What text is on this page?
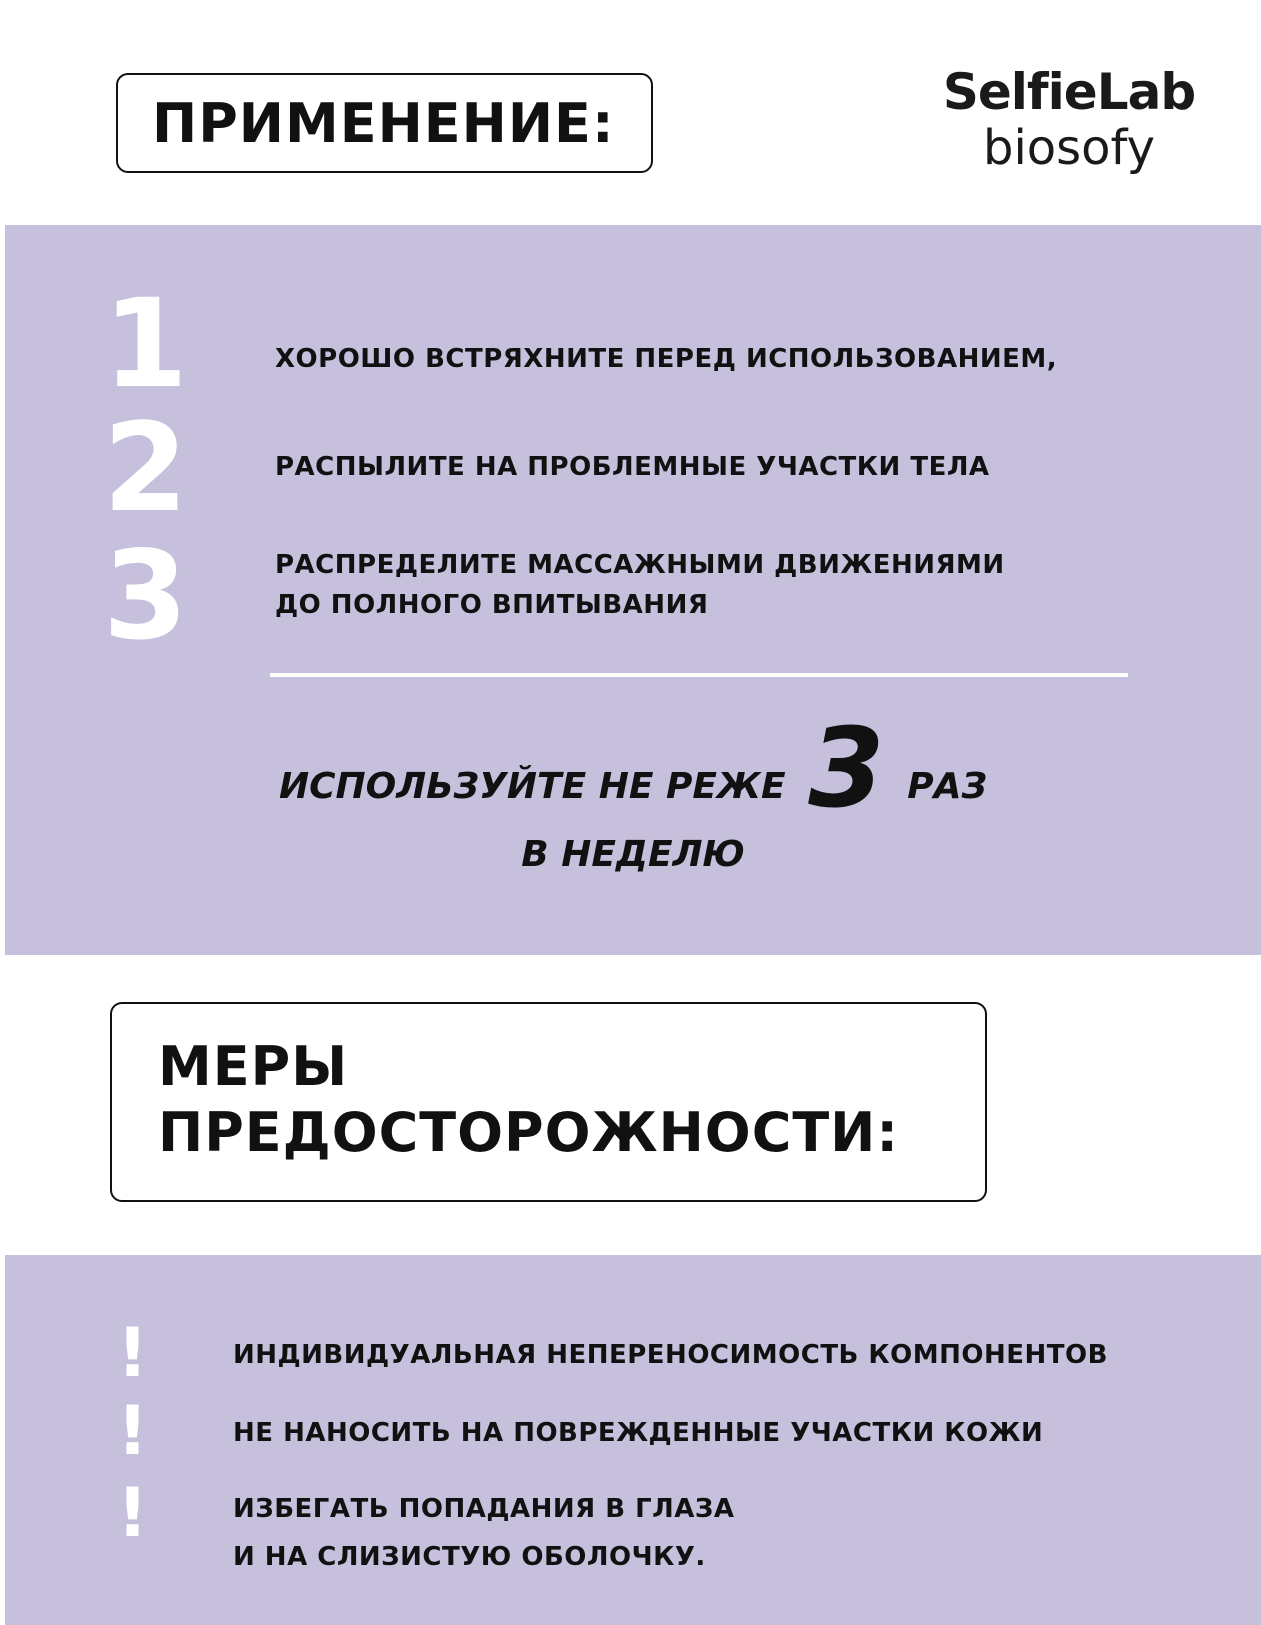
ПРИМЕНЕНИЕ:	SelfieLab
biosofy
1	ХОРОШО ВСТРЯХНИТЕ ПЕРЕД ИСПОЛЬЗОВАНИЕМ,
2	РАСПЫЛИТЕ НА ПРОБЛЕМНЫЕ УЧАСТКИ ТЕЛА
3	РАСПРЕДЕЛИТЕ МАССАЖНЫМИ ДВИЖЕНИЯМИ
ДО ПОЛНОГО ВПИТЫВАНИЯ
ИСПОЛЬЗУЙТЕ НЕ РЕЖЕ 3 РАЗ
В НЕДЕЛЮ
МЕРЫ
ПРЕДОСТОРОЖНОСТИ:
!	ИНДИВИДУАЛЬНАЯ НЕПЕРЕНОСИМОСТЬ КОМПОНЕНТОВ
!	НЕ НАНОСИТЬ НА ПОВРЕЖДЕННЫЕ УЧАСТКИ КОЖИ
!	ИЗБЕГАТЬ ПОПАДАНИЯ В ГЛАЗА
И НА СЛИЗИСТУЮ ОБОЛОЧКУ.
